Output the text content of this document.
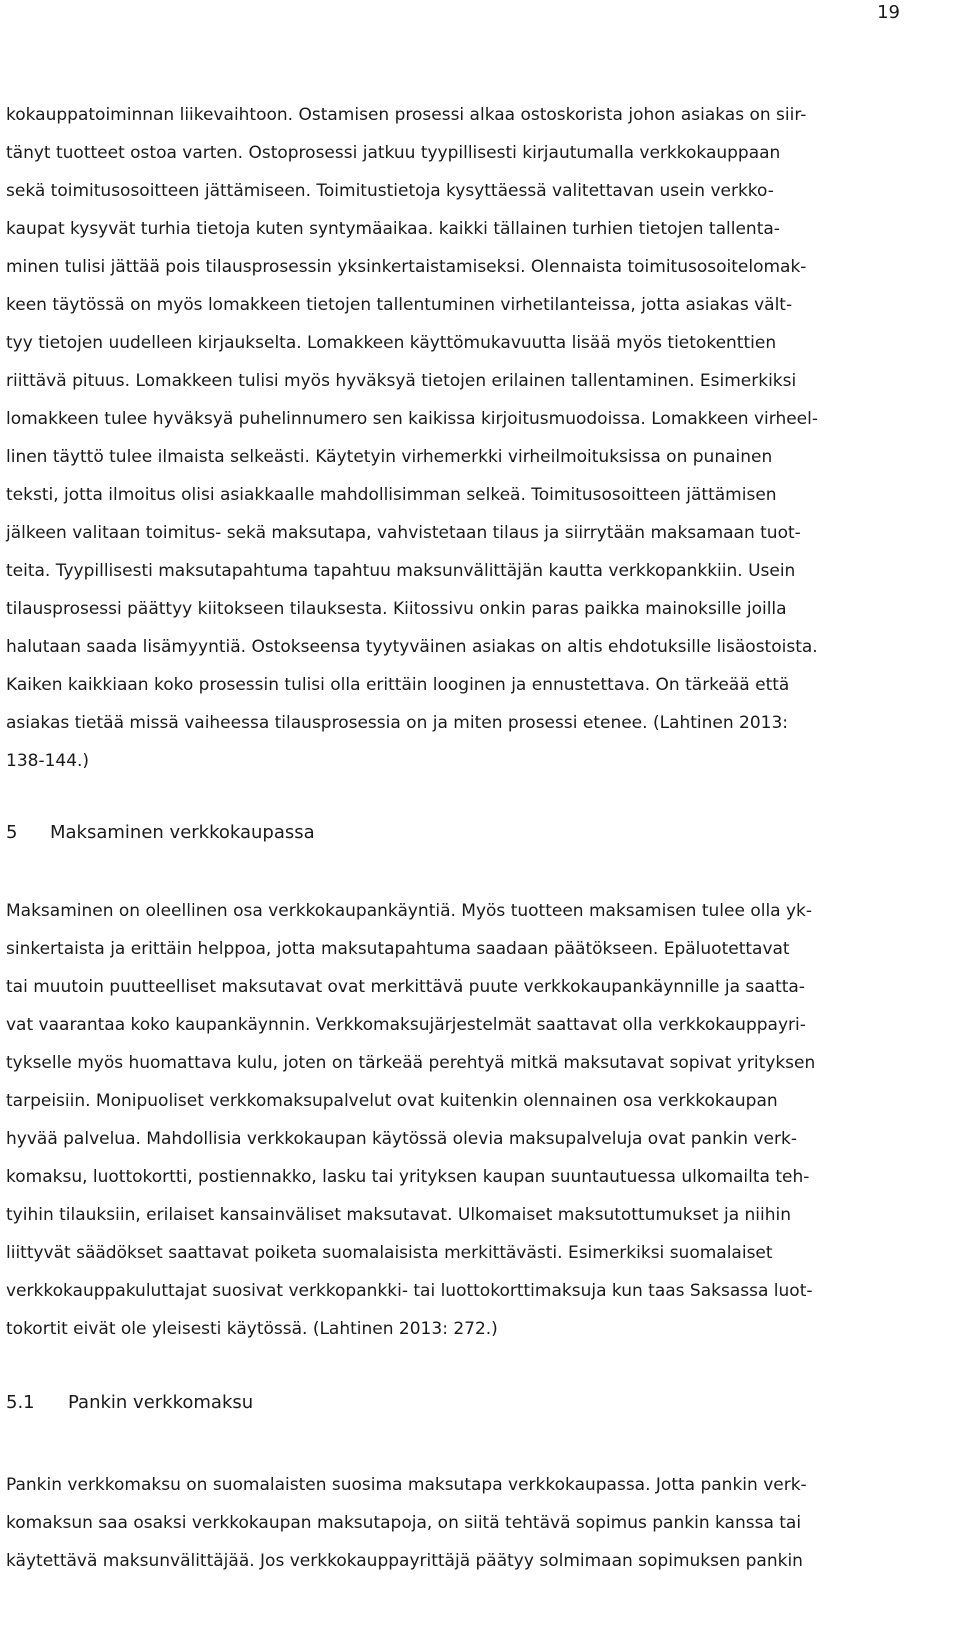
19
kokauppatoiminnan liikevaihtoon. Ostamisen prosessi alkaa ostoskorista johon asiakas on siir-
tänyt tuotteet ostoa varten. Ostoprosessi jatkuu tyypillisesti kirjautumalla verkkokauppaan
sekä toimitusosoitteen jättämiseen. Toimitustietoja kysyttäessä valitettavan usein verkko-
kaupat kysyvät turhia tietoja kuten syntymäaikaa. kaikki tällainen turhien tietojen tallenta-
minen tulisi jättää pois tilausprosessin yksinkertaistamiseksi. Olennaista toimitusosoitelomak-
keen täytössä on myös lomakkeen tietojen tallentuminen virhetilanteissa, jotta asiakas vält-
tyy tietojen uudelleen kirjaukselta. Lomakkeen käyttömukavuutta lisää myös tietokenttien
riittävä pituus. Lomakkeen tulisi myös hyväksyä tietojen erilainen tallentaminen. Esimerkiksi
lomakkeen tulee hyväksyä puhelinnumero sen kaikissa kirjoitusmuodoissa. Lomakkeen virheel-
linen täyttö tulee ilmaista selkeästi. Käytetyin virhemerkki virheilmoituksissa on punainen
teksti, jotta ilmoitus olisi asiakkaalle mahdollisimman selkeä. Toimitusosoitteen jättämisen
jälkeen valitaan toimitus- sekä maksutapa, vahvistetaan tilaus ja siirrytään maksamaan tuot-
teita. Tyypillisesti maksutapahtuma tapahtuu maksunvälittäjän kautta verkkopankkiin. Usein
tilausprosessi päättyy kiitokseen tilauksesta. Kiitossivu onkin paras paikka mainoksille joilla
halutaan saada lisämyyntiä. Ostokseensa tyytyväinen asiakas on altis ehdotuksille lisäostoista.
Kaiken kaikkiaan koko prosessin tulisi olla erittäin looginen ja ennustettava. On tärkeää että
asiakas tietää missä vaiheessa tilausprosessia on ja miten prosessi etenee. (Lahtinen 2013:
138-144.)
5 Maksaminen verkkokaupassa
Maksaminen on oleellinen osa verkkokaupankäyntiä. Myös tuotteen maksamisen tulee olla yk-
sinkertaista ja erittäin helppoa, jotta maksutapahtuma saadaan päätökseen. Epäluotettavat
tai muutoin puutteelliset maksutavat ovat merkittävä puute verkkokaupankäynnille ja saatta-
vat vaarantaa koko kaupankäynnin. Verkkomaksujärjestelmät saattavat olla verkkokauppayri-
tykselle myös huomattava kulu, joten on tärkeää perehtyä mitkä maksutavat sopivat yrityksen
tarpeisiin. Monipuoliset verkkomaksupalvelut ovat kuitenkin olennainen osa verkkokaupan
hyvää palvelua. Mahdollisia verkkokaupan käytössä olevia maksupalveluja ovat pankin verk-
komaksu, luottokortti, postiennakko, lasku tai yrityksen kaupan suuntautuessa ulkomailta teh-
tyihin tilauksiin, erilaiset kansainväliset maksutavat. Ulkomaiset maksutottumukset ja niihin
liittyvät säädökset saattavat poiketa suomalaisista merkittävästi. Esimerkiksi suomalaiset
verkkokauppakuluttajat suosivat verkkopankki- tai luottokorttimaksuja kun taas Saksassa luot-
tokortit eivät ole yleisesti käytössä. (Lahtinen 2013: 272.)
5.1 Pankin verkkomaksu
Pankin verkkomaksu on suomalaisten suosima maksutapa verkkokaupassa. Jotta pankin verk-
komaksun saa osaksi verkkokaupan maksutapoja, on siitä tehtävä sopimus pankin kanssa tai
käytettävä maksunvälittäjää. Jos verkkokauppayrittäjä päätyy solmimaan sopimuksen pankin
